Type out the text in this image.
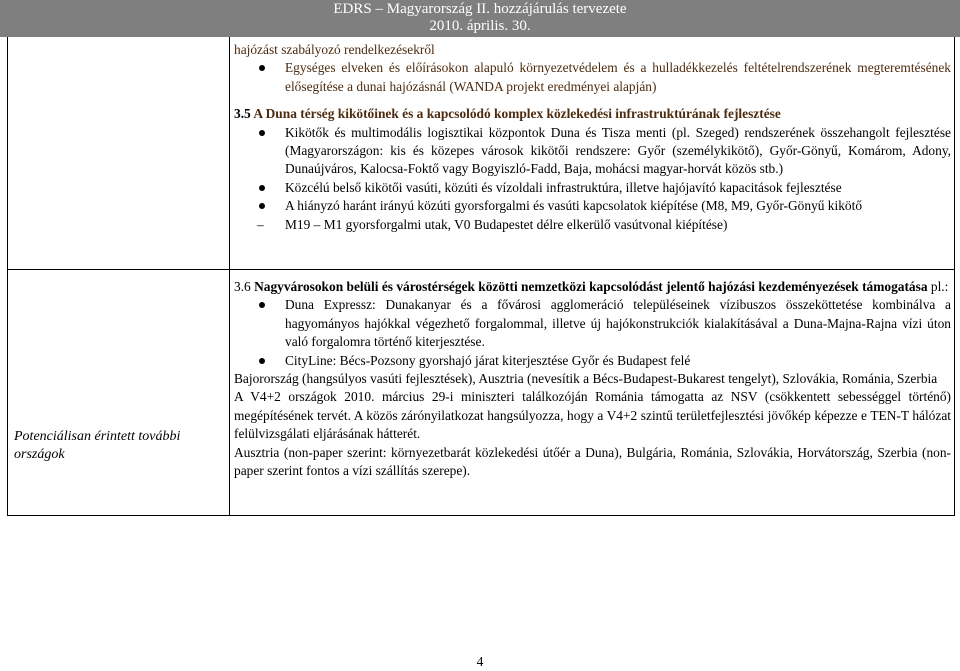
EDRS – Magyarország II. hozzájárulás tervezete
2010. április. 30.

hajózást szabályozó rendelkezésekről

Egységes elveken és előírásokon alapuló környezetvédelem és a hulladékkezelés feltételrendszerének megteremtésének elősegítése a dunai hajózásnál (WANDA projekt eredményei alapján)

3.5 A Duna térség kikötőinek és a kapcsolódó komplex közlekedési infrastruktúrának fejlesztése

Kikötők és multimodális logisztikai központok Duna és Tisza menti (pl. Szeged) rendszerének összehangolt fejlesztése (Magyarországon: kis és közepes városok kikötői rendszere: Győr (személykikötő), Győr-Gönyű, Komárom, Adony, Dunaújváros, Kalocsa-Foktő vagy Bogyiszló-Fadd, Baja, mohácsi magyar-horvát közös stb.)
Közcélú belső kikötői vasúti, közúti és vízoldali infrastruktúra, illetve hajójavító kapacitások fejlesztése
A hiányzó haránt irányú közúti gyorsforgalmi és vasúti kapcsolatok kiépítése (M8, M9, Győr-Gönyű kikötő
– M19 – M1 gyorsforgalmi utak, V0 Budapestet délre elkerülő vasútvonal kiépítése)
Potenciálisan érintett további országok

3.6 Nagyvárosokon belüli és várostérségek közötti nemzetközi kapcsolódást jelentő hajózási kezdeményezések támogatása pl.:

Duna Expressz: Dunakanyar és a fővárosi agglomeráció településeinek vízibuszos összeköttetése kombinálva a hagyományos hajókkal végezhető forgalommal, illetve új hajókonstrukciók kialakításával a Duna-Majna-Rajna vízi úton való forgalomra történő kiterjesztése.
CityLine: Bécs-Pozsony gyorshajó járat kiterjesztése Győr és Budapest felé

Bajorország (hangsúlyos vasúti fejlesztések), Ausztria (nevesítik a Bécs-Budapest-Bukarest tengelyt), Szlovákia, Románia, Szerbia

A V4+2 országok 2010. március 29-i miniszteri találkozóján Románia támogatta az NSV (csökkentett sebességgel történő) megépítésének tervét. A közös zárónyilatkozat hangsúlyozza, hogy a V4+2 szintű területfejlesztési jövőkép képezze e TEN-T hálózat felülvizsgálati eljárásának hátterét.

Ausztria (non-paper szerint: környezetbarát közlekedési útőér a Duna), Bulgária, Románia, Szlovákia, Horvátország, Szerbia (non-paper szerint fontos a vízi szállítás szerepe).

4
